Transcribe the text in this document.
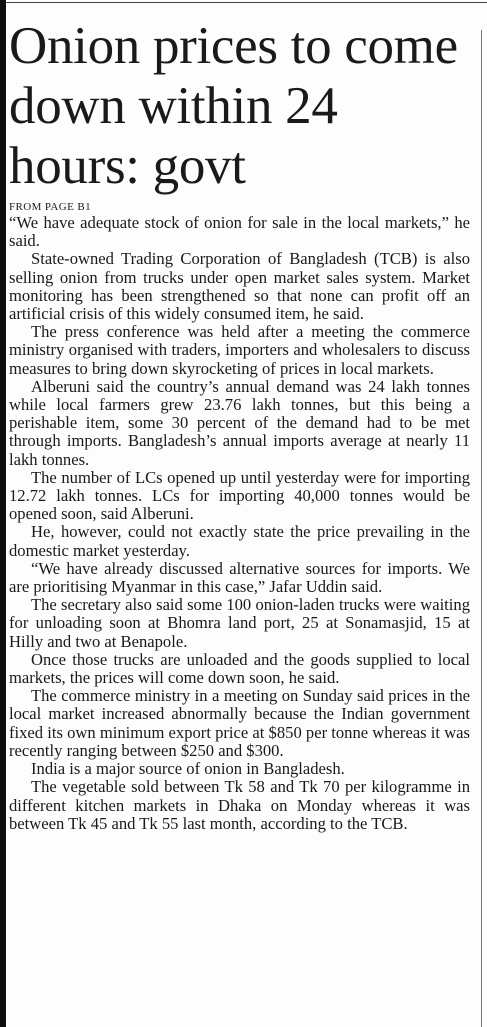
Onion prices to come down within 24 hours: govt
FROM PAGE B1

“We have adequate stock of onion for sale in the local markets,” he said.

State-owned Trading Corporation of Bangladesh (TCB) is also selling onion from trucks under open market sales system. Market monitoring has been strengthened so that none can profit off an artificial crisis of this widely consumed item, he said.

The press conference was held after a meeting the commerce ministry organised with traders, importers and wholesalers to discuss measures to bring down skyrocketing of prices in local markets.

Alberuni said the country’s annual demand was 24 lakh tonnes while local farmers grew 23.76 lakh tonnes, but this being a perishable item, some 30 percent of the demand had to be met through imports. Bangladesh’s annual imports average at nearly 11 lakh tonnes.

The number of LCs opened up until yesterday were for importing 12.72 lakh tonnes. LCs for importing 40,000 tonnes would be opened soon, said Alberuni.

He, however, could not exactly state the price prevailing in the domestic market yesterday.

“We have already discussed alternative sources for imports. We are prioritising Myanmar in this case,” Jafar Uddin said.

The secretary also said some 100 onion-laden trucks were waiting for unloading soon at Bhomra land port, 25 at Sonamasjid, 15 at Hilly and two at Benapole.

Once those trucks are unloaded and the goods supplied to local markets, the prices will come down soon, he said.

The commerce ministry in a meeting on Sunday said prices in the local market increased abnormally because the Indian government fixed its own minimum export price at $850 per tonne whereas it was recently ranging between $250 and $300.

India is a major source of onion in Bangladesh.

The vegetable sold between Tk 58 and Tk 70 per kilogramme in different kitchen markets in Dhaka on Monday whereas it was between Tk 45 and Tk 55 last month, according to the TCB.
